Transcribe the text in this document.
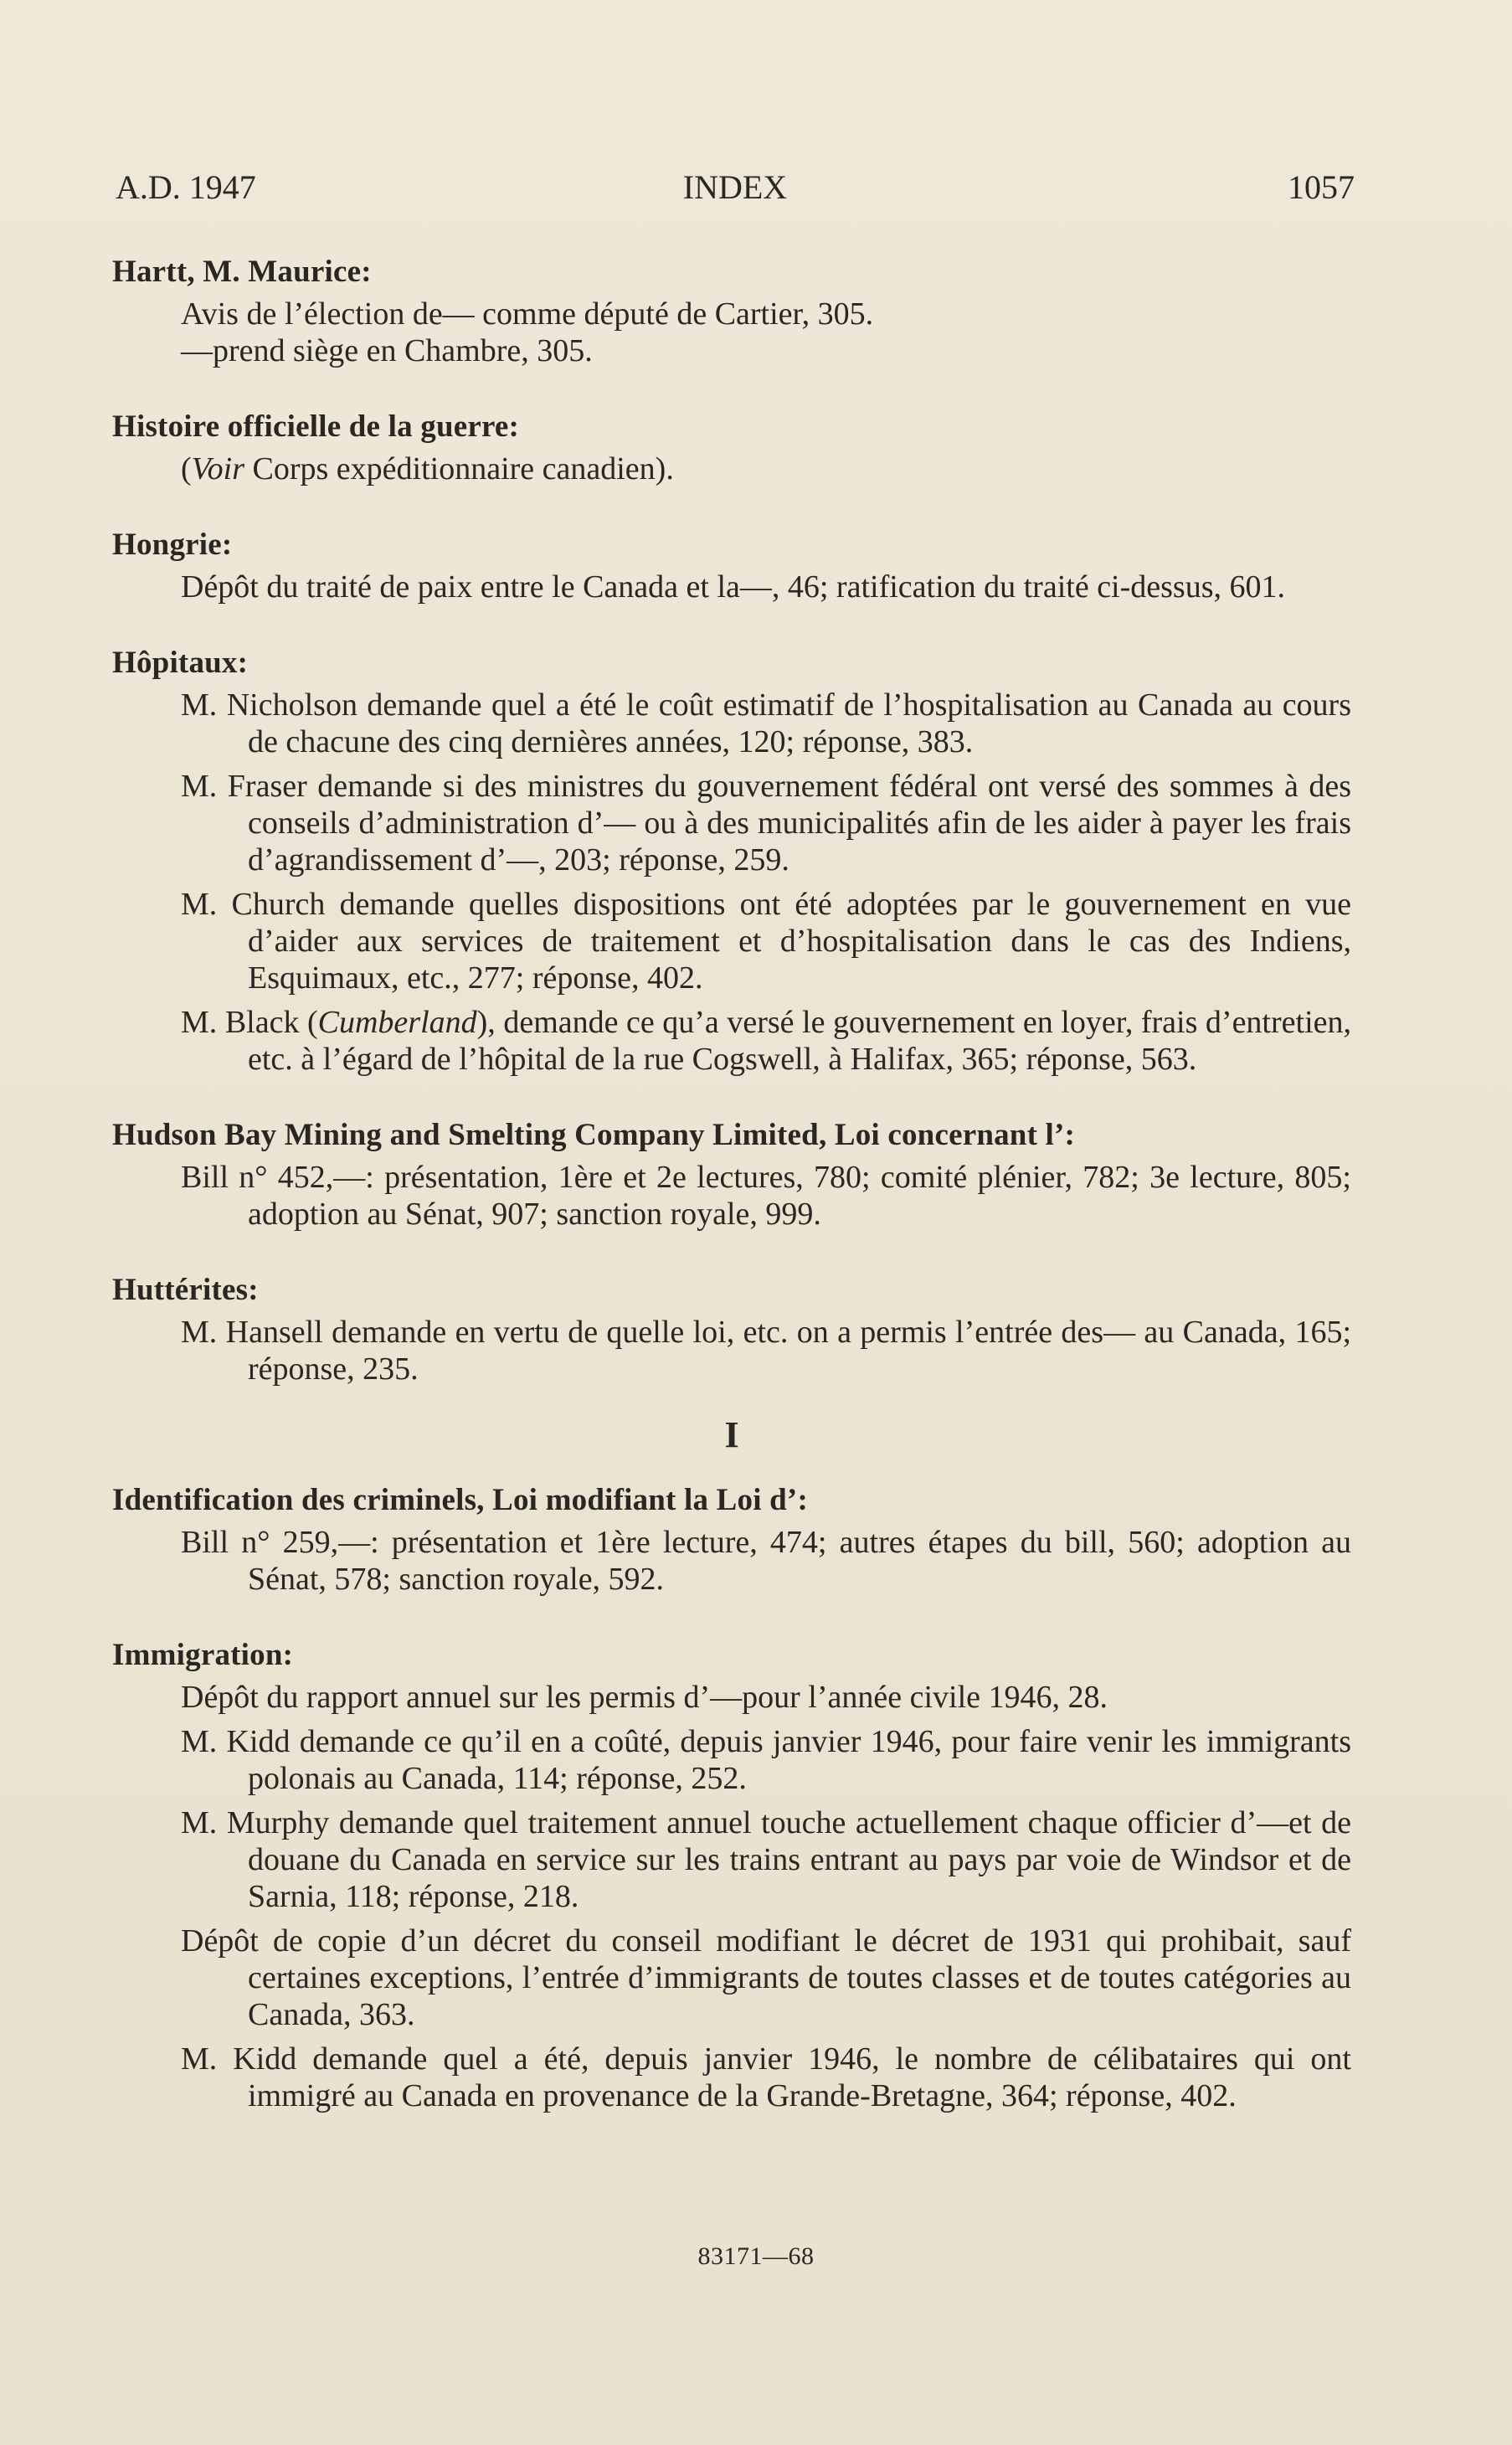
A.D. 1947	INDEX	1057
Hartt, M. Maurice:
Avis de l’élection de— comme député de Cartier, 305.
—prend siège en Chambre, 305.
Histoire officielle de la guerre:
(Voir Corps expéditionnaire canadien).
Hongrie:
Dépôt du traité de paix entre le Canada et la—, 46; ratification du traité ci-dessus, 601.
Hôpitaux:
M. Nicholson demande quel a été le coût estimatif de l’hospitalisation au Canada au cours de chacune des cinq dernières années, 120; réponse, 383.
M. Fraser demande si des ministres du gouvernement fédéral ont versé des sommes à des conseils d’administration d’— ou à des municipalités afin de les aider à payer les frais d’agrandissement d’—, 203; réponse, 259.
M. Church demande quelles dispositions ont été adoptées par le gouvernement en vue d’aider aux services de traitement et d’hospitalisation dans le cas des Indiens, Esquimaux, etc., 277; réponse, 402.
M. Black (Cumberland), demande ce qu’a versé le gouvernement en loyer, frais d’entretien, etc. à l’égard de l’hôpital de la rue Cogswell, à Halifax, 365; réponse, 563.
Hudson Bay Mining and Smelting Company Limited, Loi concernant l’:
Bill n° 452,—: présentation, 1ère et 2e lectures, 780; comité plénier, 782; 3e lecture, 805; adoption au Sénat, 907; sanction royale, 999.
Huttérites:
M. Hansell demande en vertu de quelle loi, etc. on a permis l’entrée des— au Canada, 165; réponse, 235.
I
Identification des criminels, Loi modifiant la Loi d’:
Bill n° 259,—: présentation et 1ère lecture, 474; autres étapes du bill, 560; adoption au Sénat, 578; sanction royale, 592.
Immigration:
Dépôt du rapport annuel sur les permis d’—pour l’année civile 1946, 28.
M. Kidd demande ce qu’il en a coûté, depuis janvier 1946, pour faire venir les immigrants polonais au Canada, 114; réponse, 252.
M. Murphy demande quel traitement annuel touche actuellement chaque officier d’—et de douane du Canada en service sur les trains entrant au pays par voie de Windsor et de Sarnia, 118; réponse, 218.
Dépôt de copie d’un décret du conseil modifiant le décret de 1931 qui prohibait, sauf certaines exceptions, l’entrée d’immigrants de toutes classes et de toutes catégories au Canada, 363.
M. Kidd demande quel a été, depuis janvier 1946, le nombre de célibataires qui ont immigré au Canada en provenance de la Grande-Bretagne, 364; réponse, 402.
83171—68
